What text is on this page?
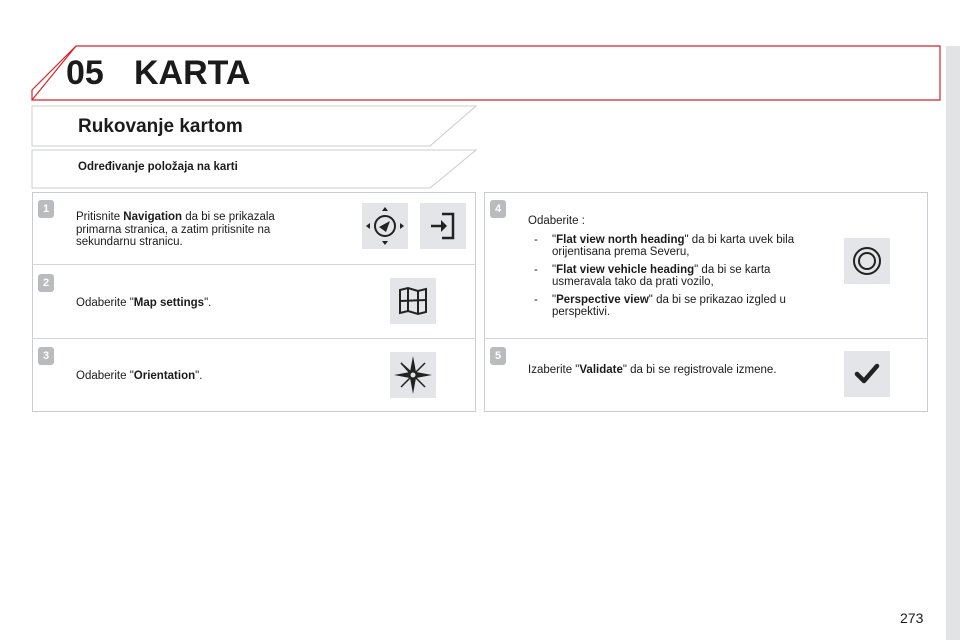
05 KARTA
Rukovanje kartom
Određivanje položaja na karti
1
Pritisnite Navigation da bi se prikazala primarna stranica, a zatim pritisnite na sekundarnu stranicu.
2
Odaberite "Map settings".
3
Odaberite "Orientation".
4
Odaberite :
- "Flat view north heading" da bi karta uvek bila orijentisana prema Severu,
- "Flat view vehicle heading" da bi se karta usmeravala tako da prati vozilo,
- "Perspective view" da bi se prikazao izgled u perspektivi.
5
Izaberite "Validate" da bi se registrovale izmene.
273
